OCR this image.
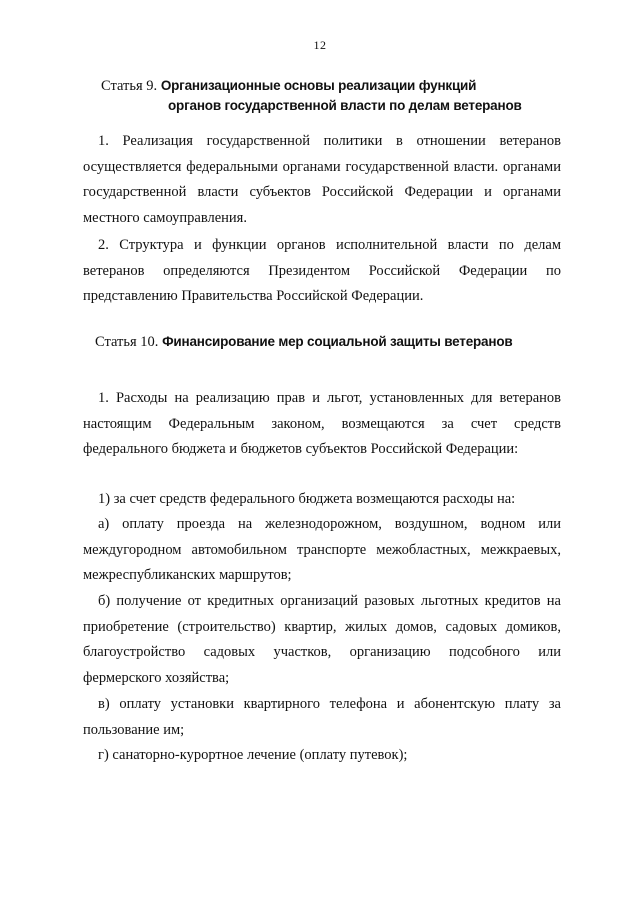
12
Статья 9. Организационные основы реализации функций
органов государственной власти по делам ветеранов
1. Реализация государственной политики в отношении ветеранов осуществляется федеральными органами государственной власти. органами государственной власти субъектов Российской Федерации и органами местного самоуправления.
2. Структура и функции органов исполнительной власти по делам ветеранов определяются Президентом Российской Федерации по представлению Правительства Российской Федерации.
Статья 10. Финансирование мер социальной защиты ветеранов
1. Расходы на реализацию прав и льгот, установленных для ветеранов настоящим Федеральным законом, возмещаются за счет средств федерального бюджета и бюджетов субъектов Российской Федерации:
1) за счет средств федерального бюджета возмещаются расходы на:
а) оплату проезда на железнодорожном, воздушном, водном или междугородном автомобильном транспорте межобластных, межкраевых, межреспубликанских маршрутов;
б) получение от кредитных организаций разовых льготных кредитов на приобретение (строительство) квартир, жилых домов, садовых домиков, благоустройство садовых участков, организацию подсобного или фермерского хозяйства;
в) оплату установки квартирного телефона и абонентскую плату за пользование им;
г) санаторно-курортное лечение (оплату путевок);
